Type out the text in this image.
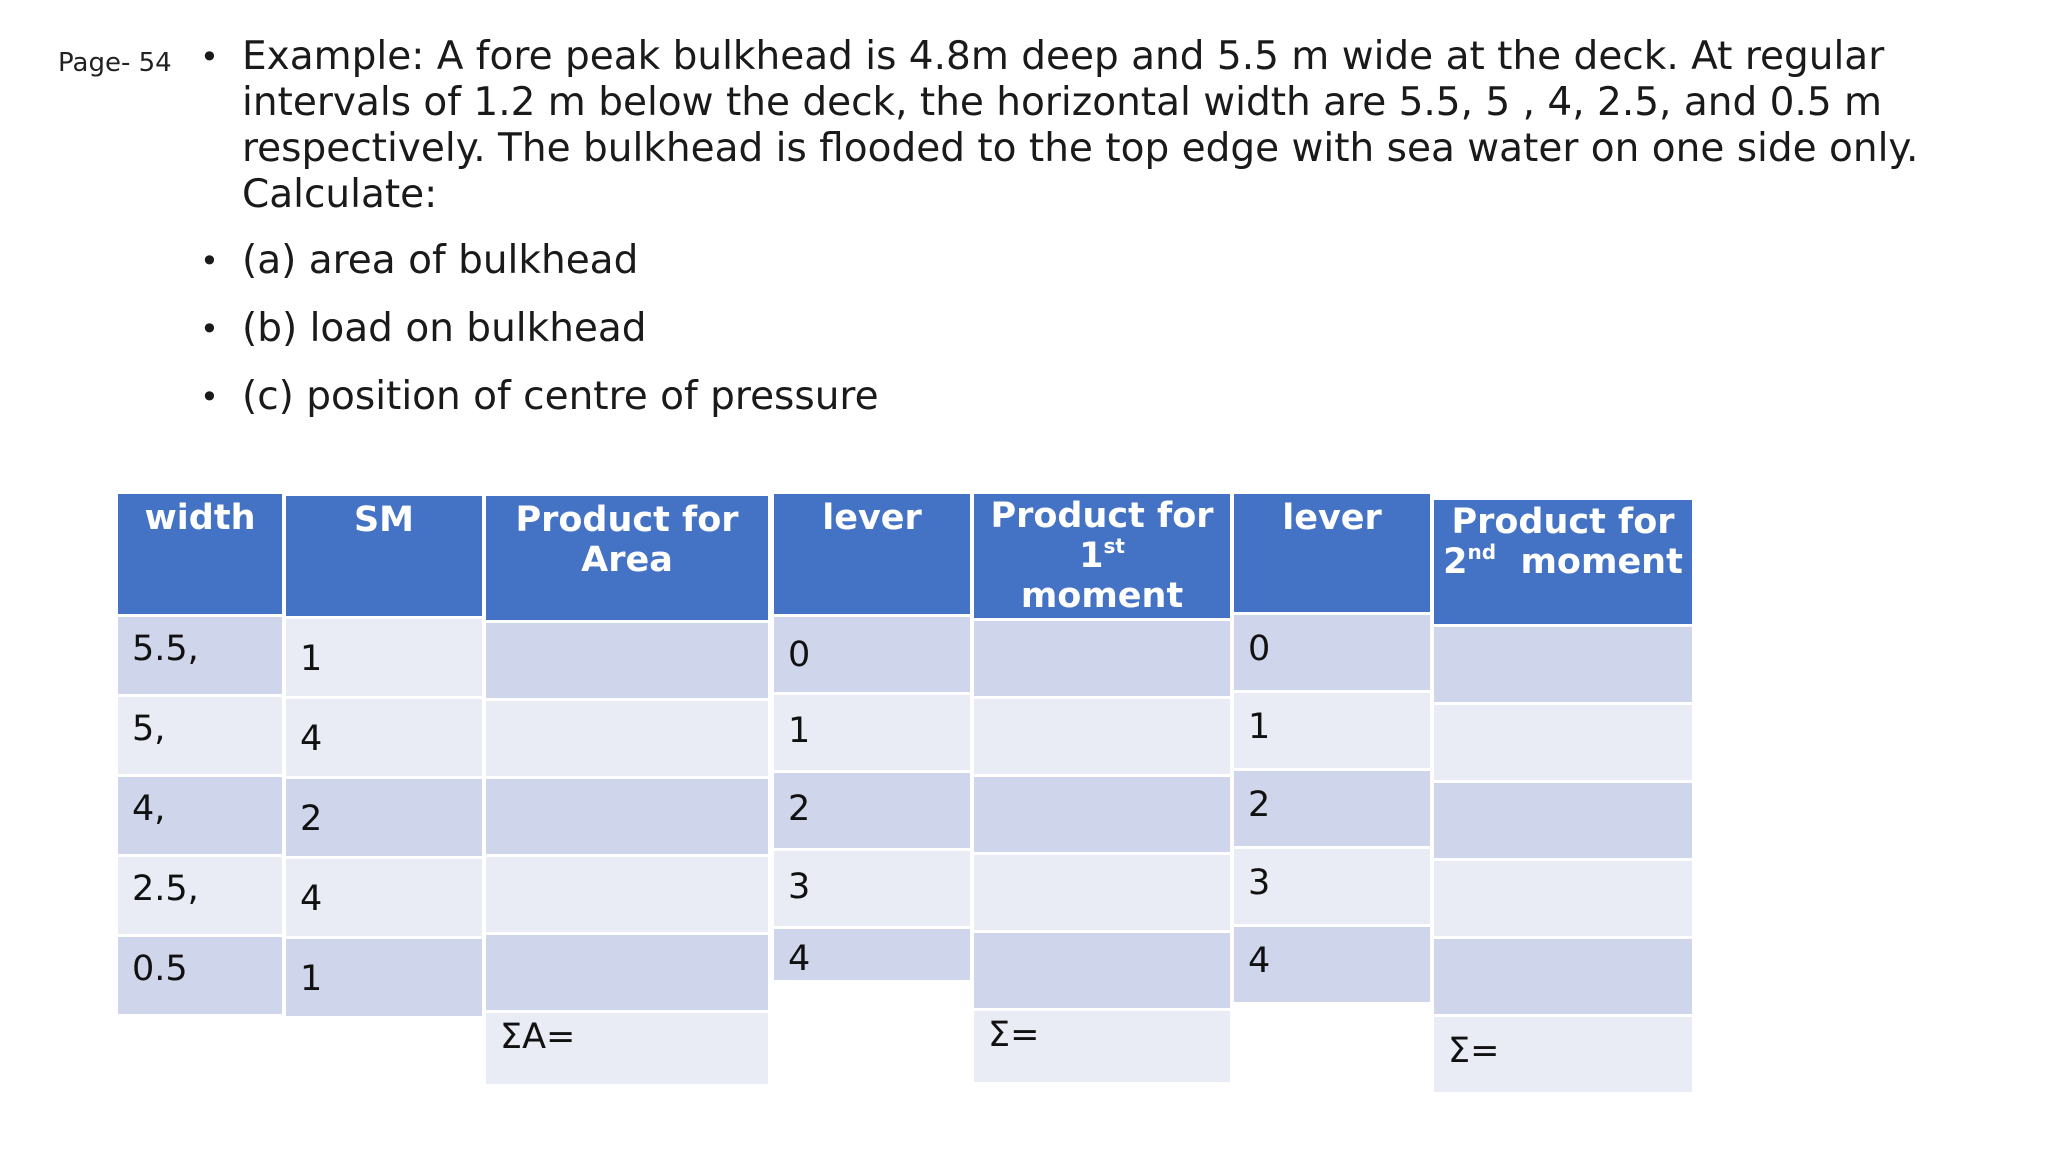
Page- 54 • Example: A fore peak bulkhead is 4.8m deep and 5.5 m wide at the deck. At regular intervals of 1.2 m below the deck, the horizontal width are 5.5, 5 , 4, 2.5, and 0.5 m respectively. The bulkhead is flooded to the top edge with sea water on one side only. Calculate:
• (a) area of bulkhead
• (b) load on bulkhead
• (c) position of centre of pressure
width
5.5,
5,
4,
2.5,
0.5
SM
1
4
2
4
1
Product for
Area
ΣA=
lever
0
1
2
3
4
Product for 1st
moment
Σ=
lever
0
1
2
3
4
Product for
2nd moment
Σ=
